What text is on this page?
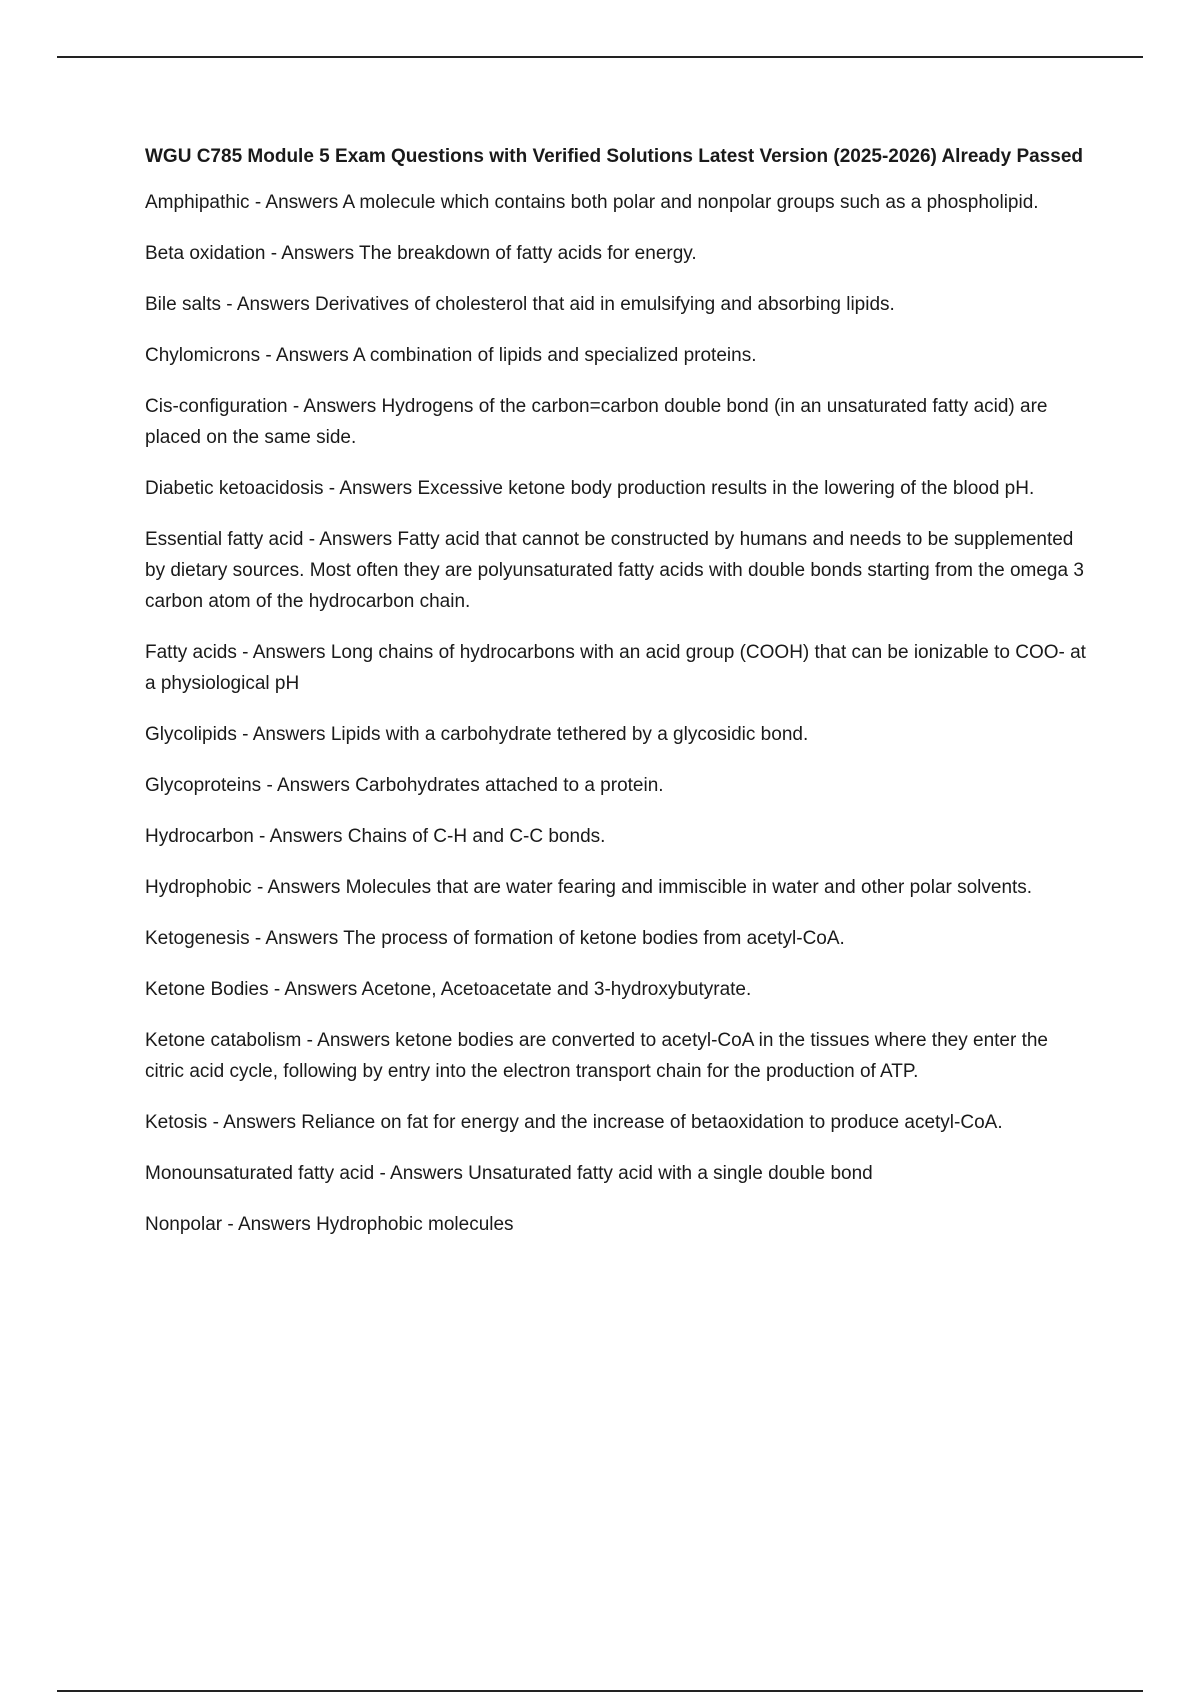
WGU C785 Module 5 Exam Questions with Verified Solutions Latest Version (2025-2026) Already Passed
Amphipathic - Answers A molecule which contains both polar and nonpolar groups such as a phospholipid.
Beta oxidation - Answers The breakdown of fatty acids for energy.
Bile salts - Answers Derivatives of cholesterol that aid in emulsifying and absorbing lipids.
Chylomicrons - Answers A combination of lipids and specialized proteins.
Cis-configuration - Answers Hydrogens of the carbon=carbon double bond (in an unsaturated fatty acid) are placed on the same side.
Diabetic ketoacidosis - Answers Excessive ketone body production results in the lowering of the blood pH.
Essential fatty acid - Answers Fatty acid that cannot be constructed by humans and needs to be supplemented by dietary sources. Most often they are polyunsaturated fatty acids with double bonds starting from the omega 3 carbon atom of the hydrocarbon chain.
Fatty acids - Answers Long chains of hydrocarbons with an acid group (COOH) that can be ionizable to COO- at a physiological pH
Glycolipids - Answers Lipids with a carbohydrate tethered by a glycosidic bond.
Glycoproteins - Answers Carbohydrates attached to a protein.
Hydrocarbon - Answers Chains of C-H and C-C bonds.
Hydrophobic - Answers Molecules that are water fearing and immiscible in water and other polar solvents.
Ketogenesis - Answers The process of formation of ketone bodies from acetyl-CoA.
Ketone Bodies - Answers Acetone, Acetoacetate and 3-hydroxybutyrate.
Ketone catabolism - Answers ketone bodies are converted to acetyl-CoA in the tissues where they enter the citric acid cycle, following by entry into the electron transport chain for the production of ATP.
Ketosis - Answers Reliance on fat for energy and the increase of betaoxidation to produce acetyl-CoA.
Monounsaturated fatty acid - Answers Unsaturated fatty acid with a single double bond
Nonpolar - Answers Hydrophobic molecules
